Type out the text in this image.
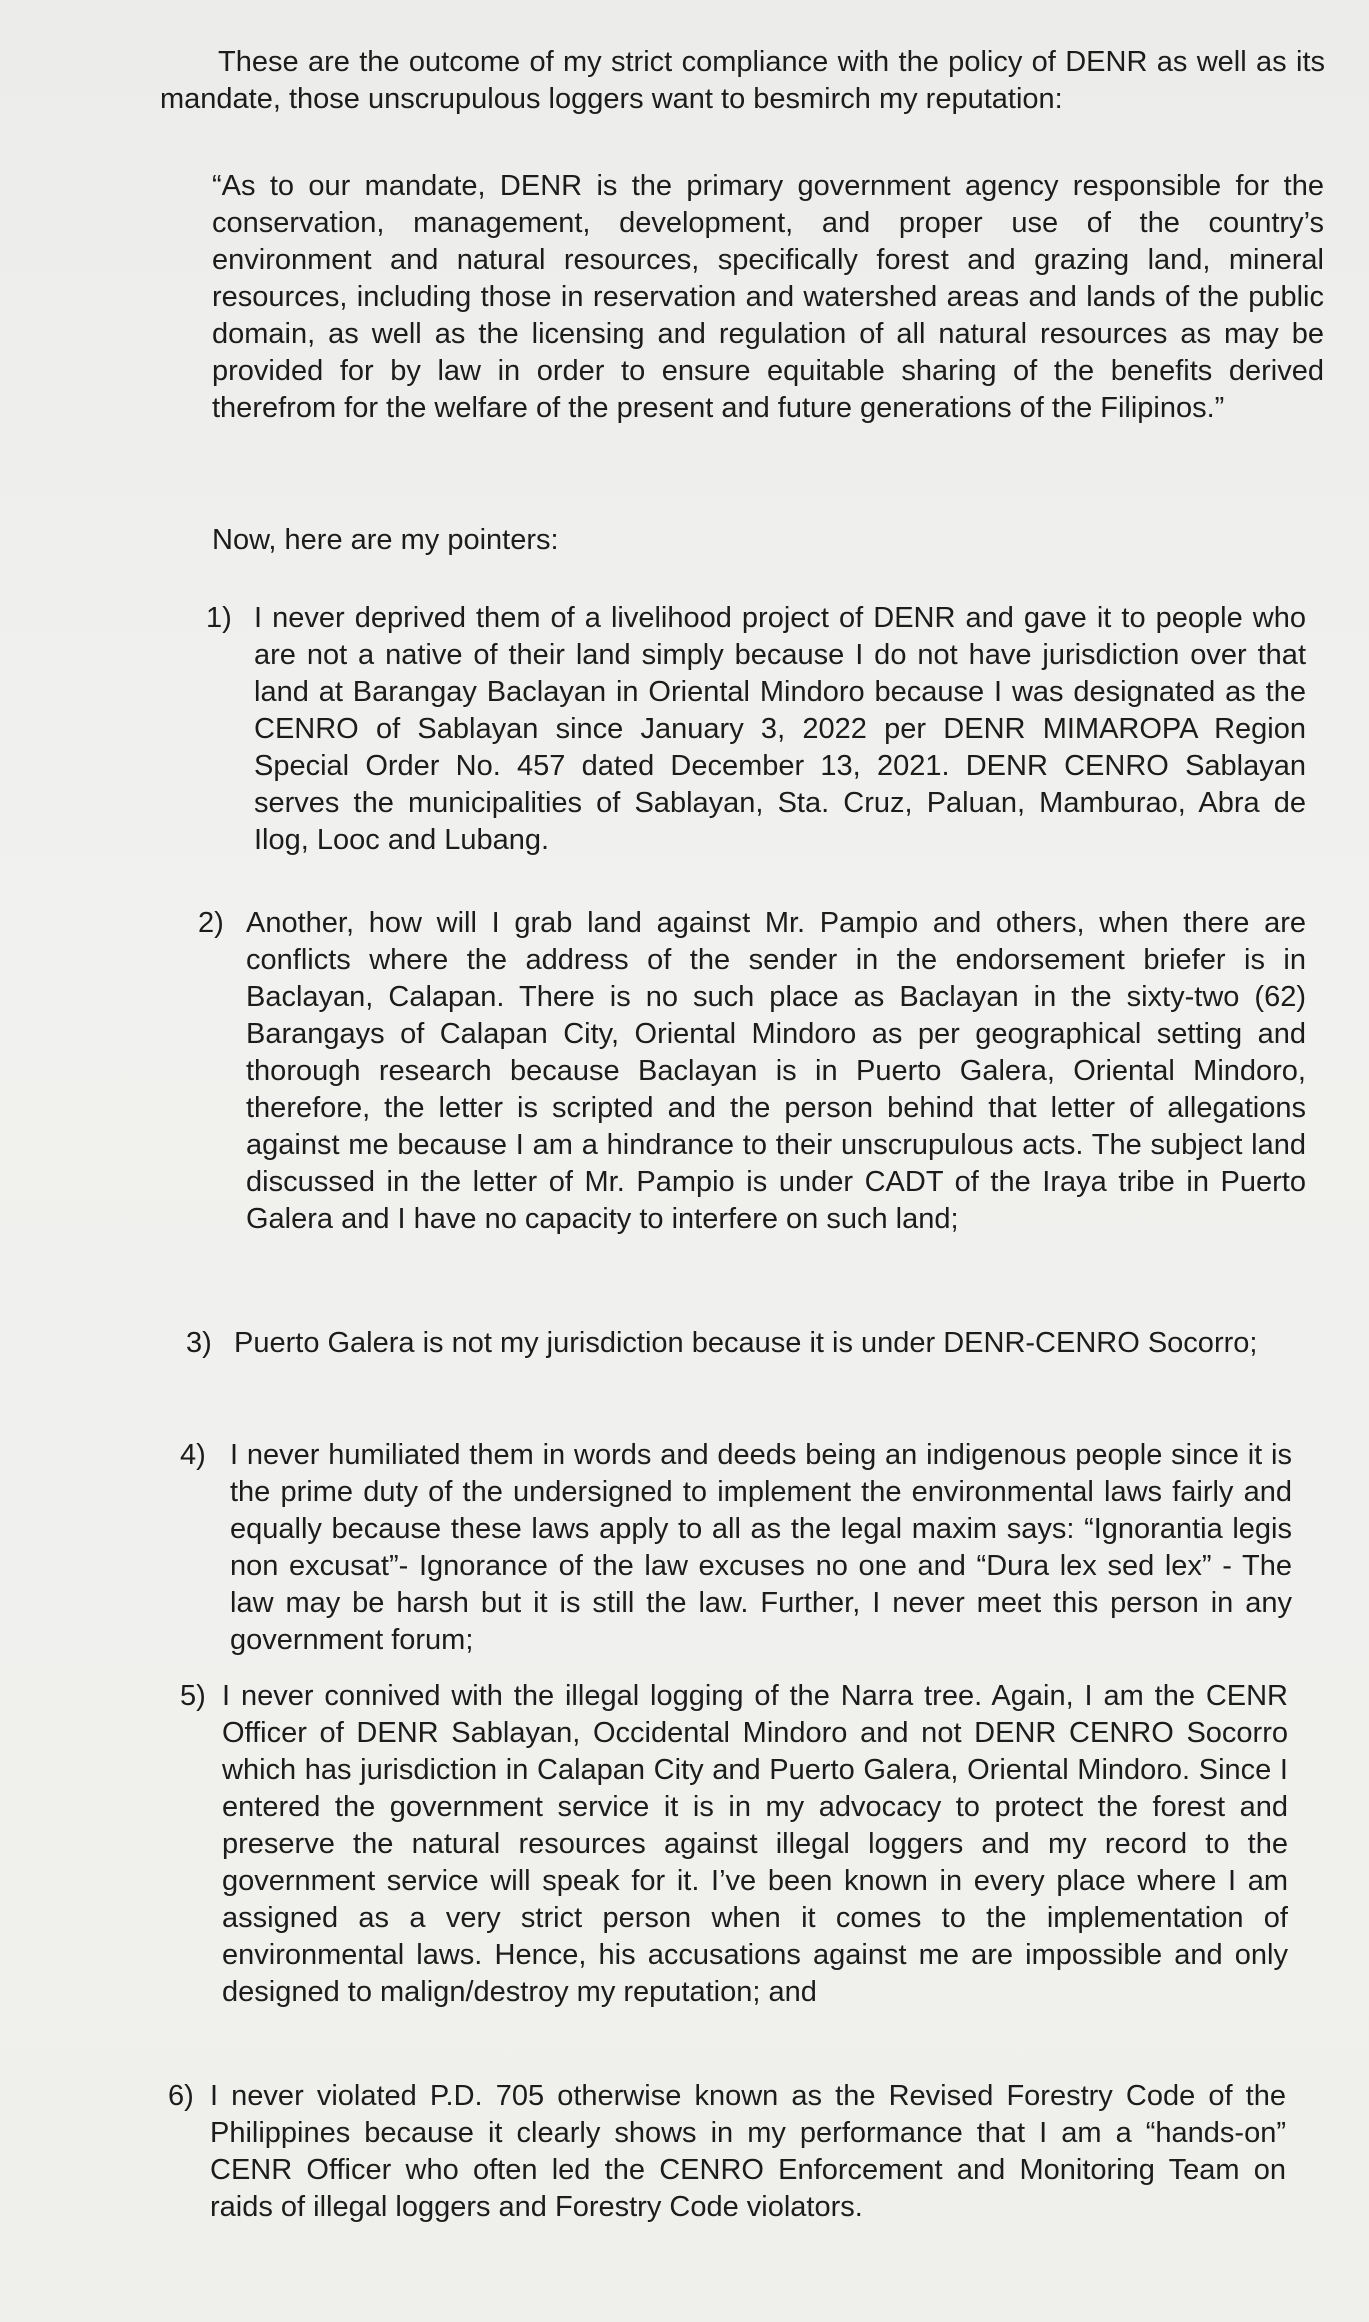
These are the outcome of my strict compliance with the policy of DENR as well as its mandate, those unscrupulous loggers want to besmirch my reputation:

“As to our mandate, DENR is the primary government agency responsible for the conservation, management, development, and proper use of the country’s environment and natural resources, specifically forest and grazing land, mineral resources, including those in reservation and watershed areas and lands of the public domain, as well as the licensing and regulation of all natural resources as may be provided for by law in order to ensure equitable sharing of the benefits derived therefrom for the welfare of the present and future generations of the Filipinos.”

Now, here are my pointers:

1) I never deprived them of a livelihood project of DENR and gave it to people who are not a native of their land simply because I do not have jurisdiction over that land at Barangay Baclayan in Oriental Mindoro because I was designated as the CENRO of Sablayan since January 3, 2022 per DENR MIMAROPA Region Special Order No. 457 dated December 13, 2021. DENR CENRO Sablayan serves the municipalities of Sablayan, Sta. Cruz, Paluan, Mamburao, Abra de Ilog, Looc and Lubang.
2) Another, how will I grab land against Mr. Pampio and others, when there are conflicts where the address of the sender in the endorsement briefer is in Baclayan, Calapan. There is no such place as Baclayan in the sixty-two (62) Barangays of Calapan City, Oriental Mindoro as per geographical setting and thorough research because Baclayan is in Puerto Galera, Oriental Mindoro, therefore, the letter is scripted and the person behind that letter of allegations against me because I am a hindrance to their unscrupulous acts. The subject land discussed in the letter of Mr. Pampio is under CADT of the Iraya tribe in Puerto Galera and I have no capacity to interfere on such land;
3) Puerto Galera is not my jurisdiction because it is under DENR-CENRO Socorro;
4) I never humiliated them in words and deeds being an indigenous people since it is the prime duty of the undersigned to implement the environmental laws fairly and equally because these laws apply to all as the legal maxim says: “Ignorantia legis non excusat”- Ignorance of the law excuses no one and “Dura lex sed lex” - The law may be harsh but it is still the law. Further, I never meet this person in any government forum;
5) I never connived with the illegal logging of the Narra tree. Again, I am the CENR Officer of DENR Sablayan, Occidental Mindoro and not DENR CENRO Socorro which has jurisdiction in Calapan City and Puerto Galera, Oriental Mindoro. Since I entered the government service it is in my advocacy to protect the forest and preserve the natural resources against illegal loggers and my record to the government service will speak for it. I’ve been known in every place where I am assigned as a very strict person when it comes to the implementation of environmental laws. Hence, his accusations against me are impossible and only designed to malign/destroy my reputation; and
6) I never violated P.D. 705 otherwise known as the Revised Forestry Code of the Philippines because it clearly shows in my performance that I am a “hands-on” CENR Officer who often led the CENRO Enforcement and Monitoring Team on raids of illegal loggers and Forestry Code violators.
